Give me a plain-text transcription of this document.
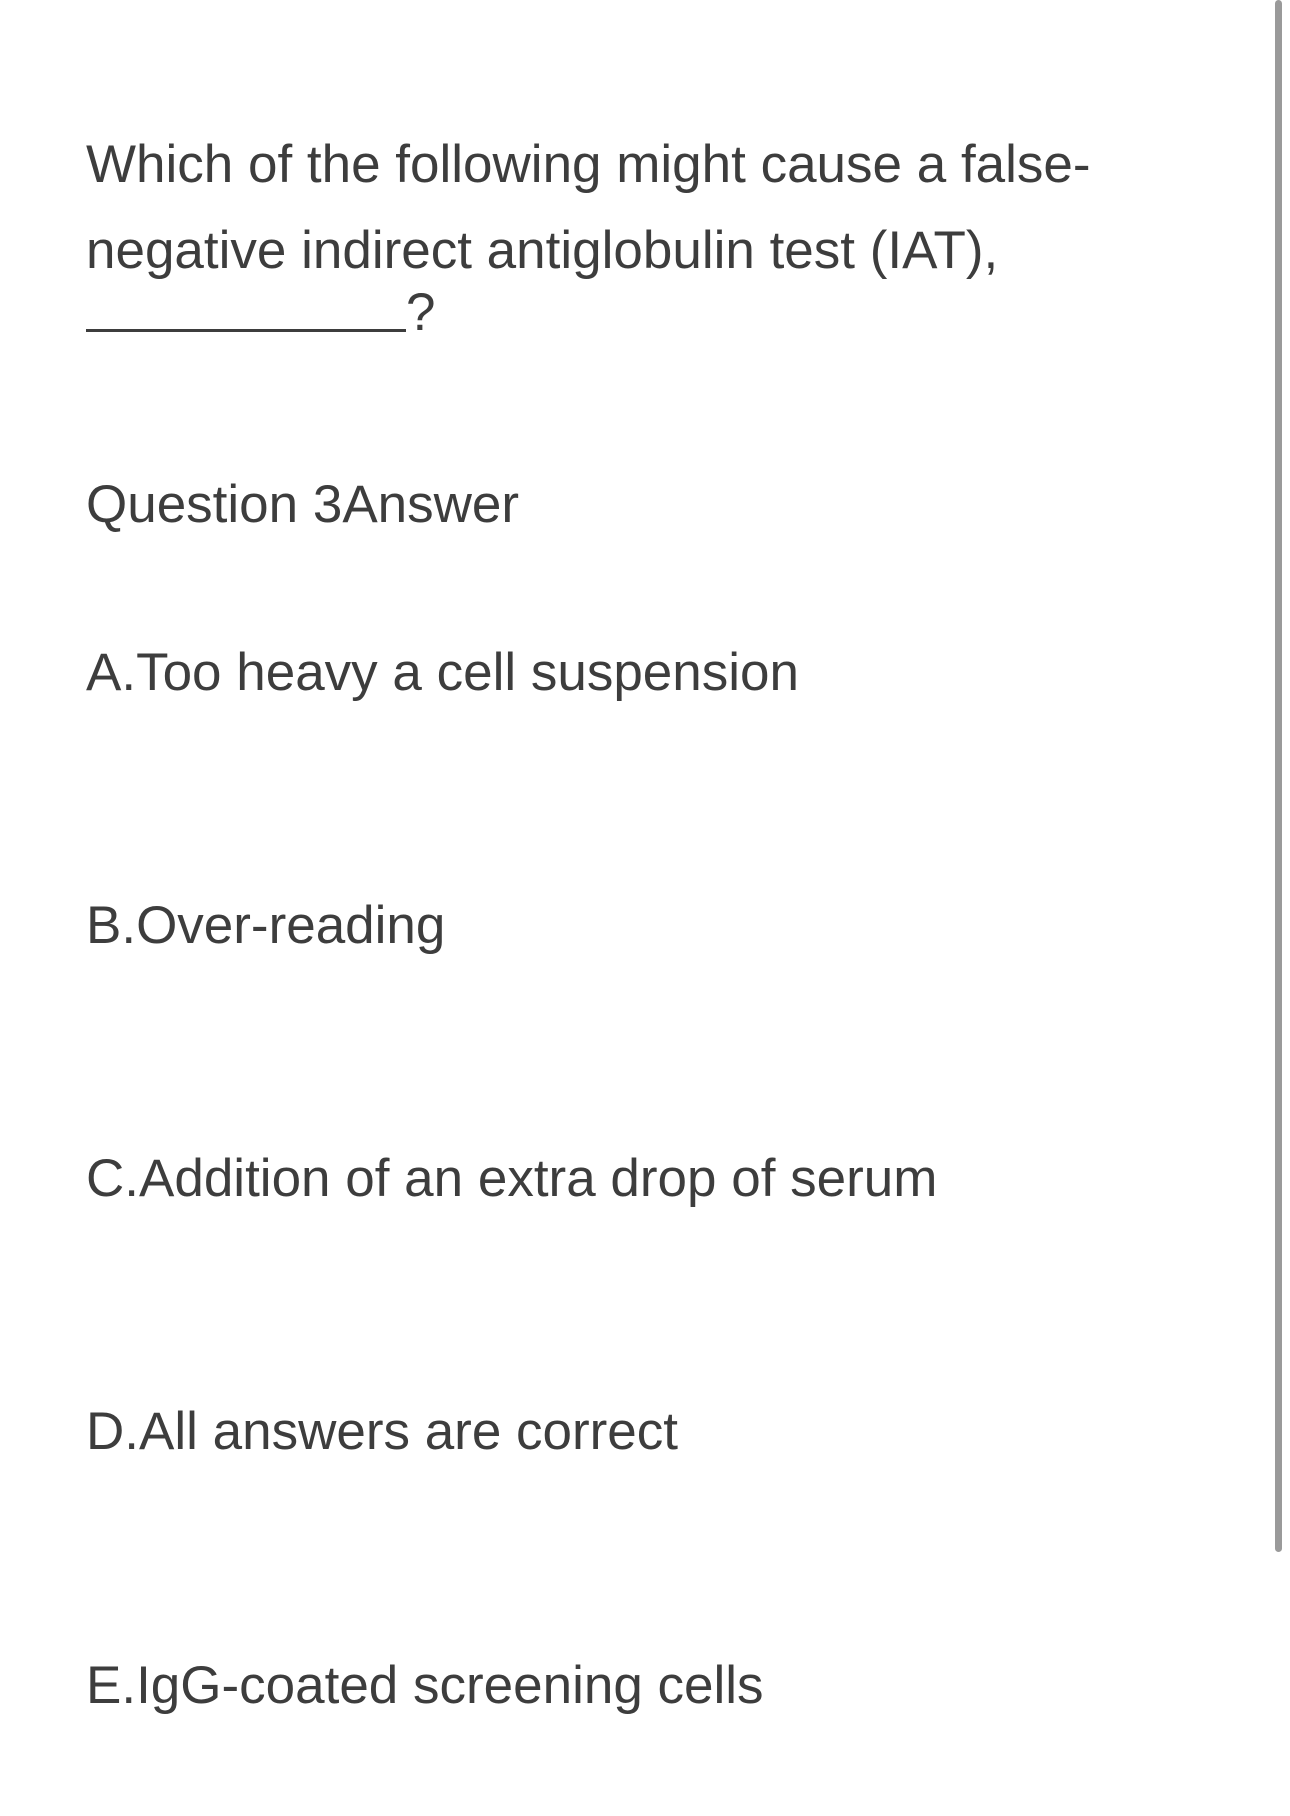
Which of the following might cause a false-negative indirect antiglobulin test (IAT),

?
Question 3Answer
A.Too heavy a cell suspension
B.Over-reading
C.Addition of an extra drop of serum
D.All answers are correct
E.IgG-coated screening cells
